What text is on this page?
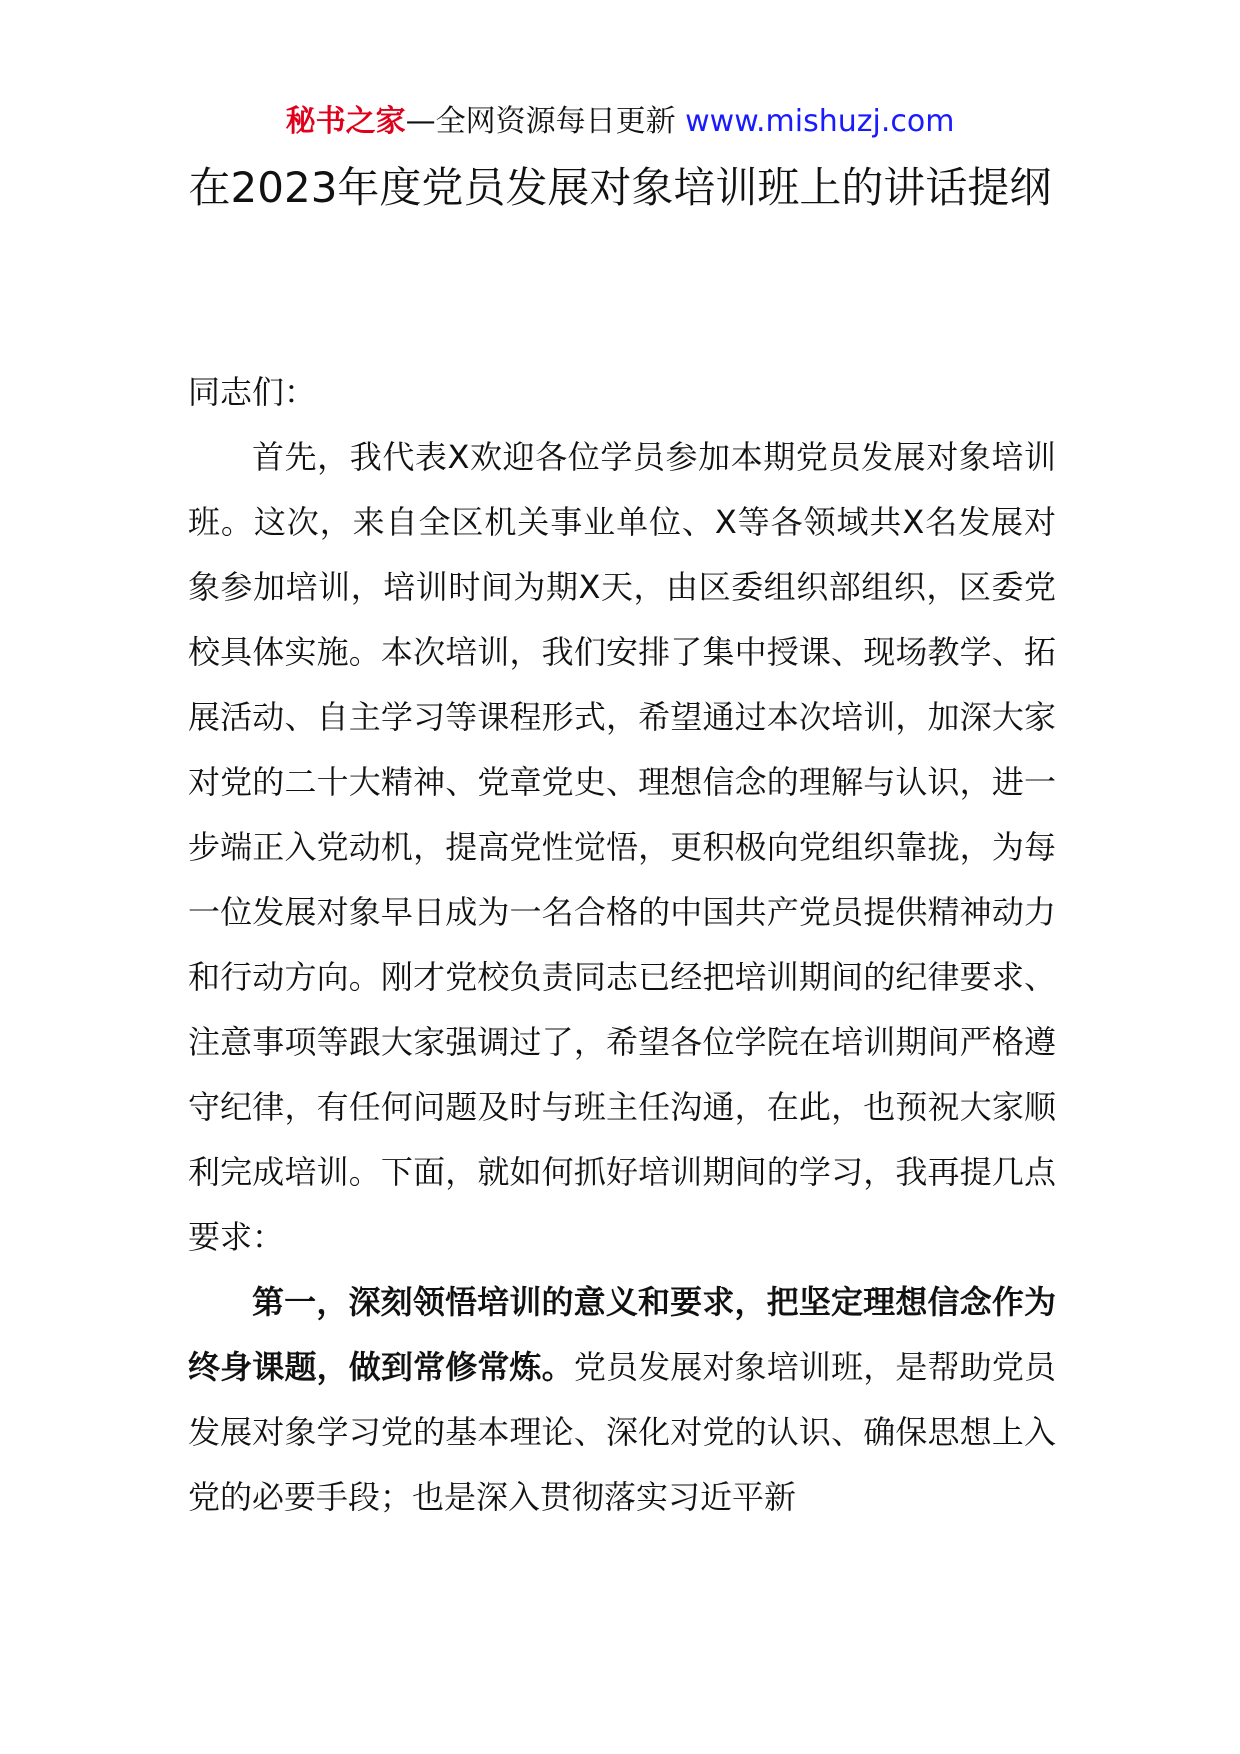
秘书之家—全网资源每日更新 www.mishuzj.com
在2023年度党员发展对象培训班上的讲话提纲

同志们：

首先，我代表X欢迎各位学员参加本期党员发展对象培训班。这次，来自全区机关事业单位、X等各领域共X名发展对象参加培训，培训时间为期X天，由区委组织部组织，区委党校具体实施。本次培训，我们安排了集中授课、现场教学、拓展活动、自主学习等课程形式，希望通过本次培训，加深大家对党的二十大精神、党章党史、理想信念的理解与认识，进一步端正入党动机，提高党性觉悟，更积极向党组织靠拢，为每一位发展对象早日成为一名合格的中国共产党员提供精神动力和行动方向。刚才党校负责同志已经把培训期间的纪律要求、注意事项等跟大家强调过了，希望各位学院在培训期间严格遵守纪律，有任何问题及时与班主任沟通，在此，也预祝大家顺利完成培训。下面，就如何抓好培训期间的学习，我再提几点要求：

第一，深刻领悟培训的意义和要求，把坚定理想信念作为终身课题，做到常修常炼。党员发展对象培训班，是帮助党员发展对象学习党的基本理论、深化对党的认识、确保思想上入党的必要手段；也是深入贯彻落实习近平新
